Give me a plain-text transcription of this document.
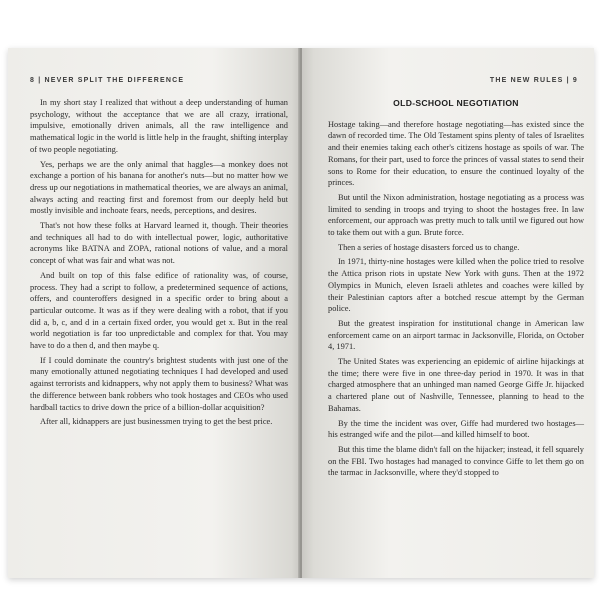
8 | NEVER SPLIT THE DIFFERENCE

In my short stay I realized that without a deep understanding of human psychology, without the acceptance that we are all crazy, irrational, impulsive, emotionally driven animals, all the raw intelligence and mathematical logic in the world is little help in the fraught, shifting interplay of two people negotiating.

Yes, perhaps we are the only animal that haggles—a monkey does not exchange a portion of his banana for another's nuts—but no matter how we dress up our negotiations in mathematical theories, we are always an animal, always acting and reacting first and foremost from our deeply held but mostly invisible and inchoate fears, needs, perceptions, and desires.

That's not how these folks at Harvard learned it, though. Their theories and techniques all had to do with intellectual power, logic, authoritative acronyms like BATNA and ZOPA, rational notions of value, and a moral concept of what was fair and what was not.

And built on top of this false edifice of rationality was, of course, process. They had a script to follow, a predetermined sequence of actions, offers, and counteroffers designed in a specific order to bring about a particular outcome. It was as if they were dealing with a robot, that if you did a, b, c, and d in a certain fixed order, you would get x. But in the real world negotiation is far too unpredictable and complex for that. You may have to do a then d, and then maybe q.

If I could dominate the country's brightest students with just one of the many emotionally attuned negotiating techniques I had developed and used against terrorists and kidnappers, why not apply them to business? What was the difference between bank robbers who took hostages and CEOs who used hardball tactics to drive down the price of a billion-dollar acquisition?

After all, kidnappers are just businessmen trying to get the best price.

THE NEW RULES | 9
OLD-SCHOOL NEGOTIATION

Hostage taking—and therefore hostage negotiating—has existed since the dawn of recorded time. The Old Testament spins plenty of tales of Israelites and their enemies taking each other's citizens hostage as spoils of war. The Romans, for their part, used to force the princes of vassal states to send their sons to Rome for their education, to ensure the continued loyalty of the princes.

But until the Nixon administration, hostage negotiating as a process was limited to sending in troops and trying to shoot the hostages free. In law enforcement, our approach was pretty much to talk until we figured out how to take them out with a gun. Brute force.

Then a series of hostage disasters forced us to change.

In 1971, thirty-nine hostages were killed when the police tried to resolve the Attica prison riots in upstate New York with guns. Then at the 1972 Olympics in Munich, eleven Israeli athletes and coaches were killed by their Palestinian captors after a botched rescue attempt by the German police.

But the greatest inspiration for institutional change in American law enforcement came on an airport tarmac in Jacksonville, Florida, on October 4, 1971.

The United States was experiencing an epidemic of airline hijackings at the time; there were five in one three-day period in 1970. It was in that charged atmosphere that an unhinged man named George Giffe Jr. hijacked a chartered plane out of Nashville, Tennessee, planning to head to the Bahamas.

By the time the incident was over, Giffe had murdered two hostages—his estranged wife and the pilot—and killed himself to boot.

But this time the blame didn't fall on the hijacker; instead, it fell squarely on the FBI. Two hostages had managed to convince Giffe to let them go on the tarmac in Jacksonville, where they'd stopped to
